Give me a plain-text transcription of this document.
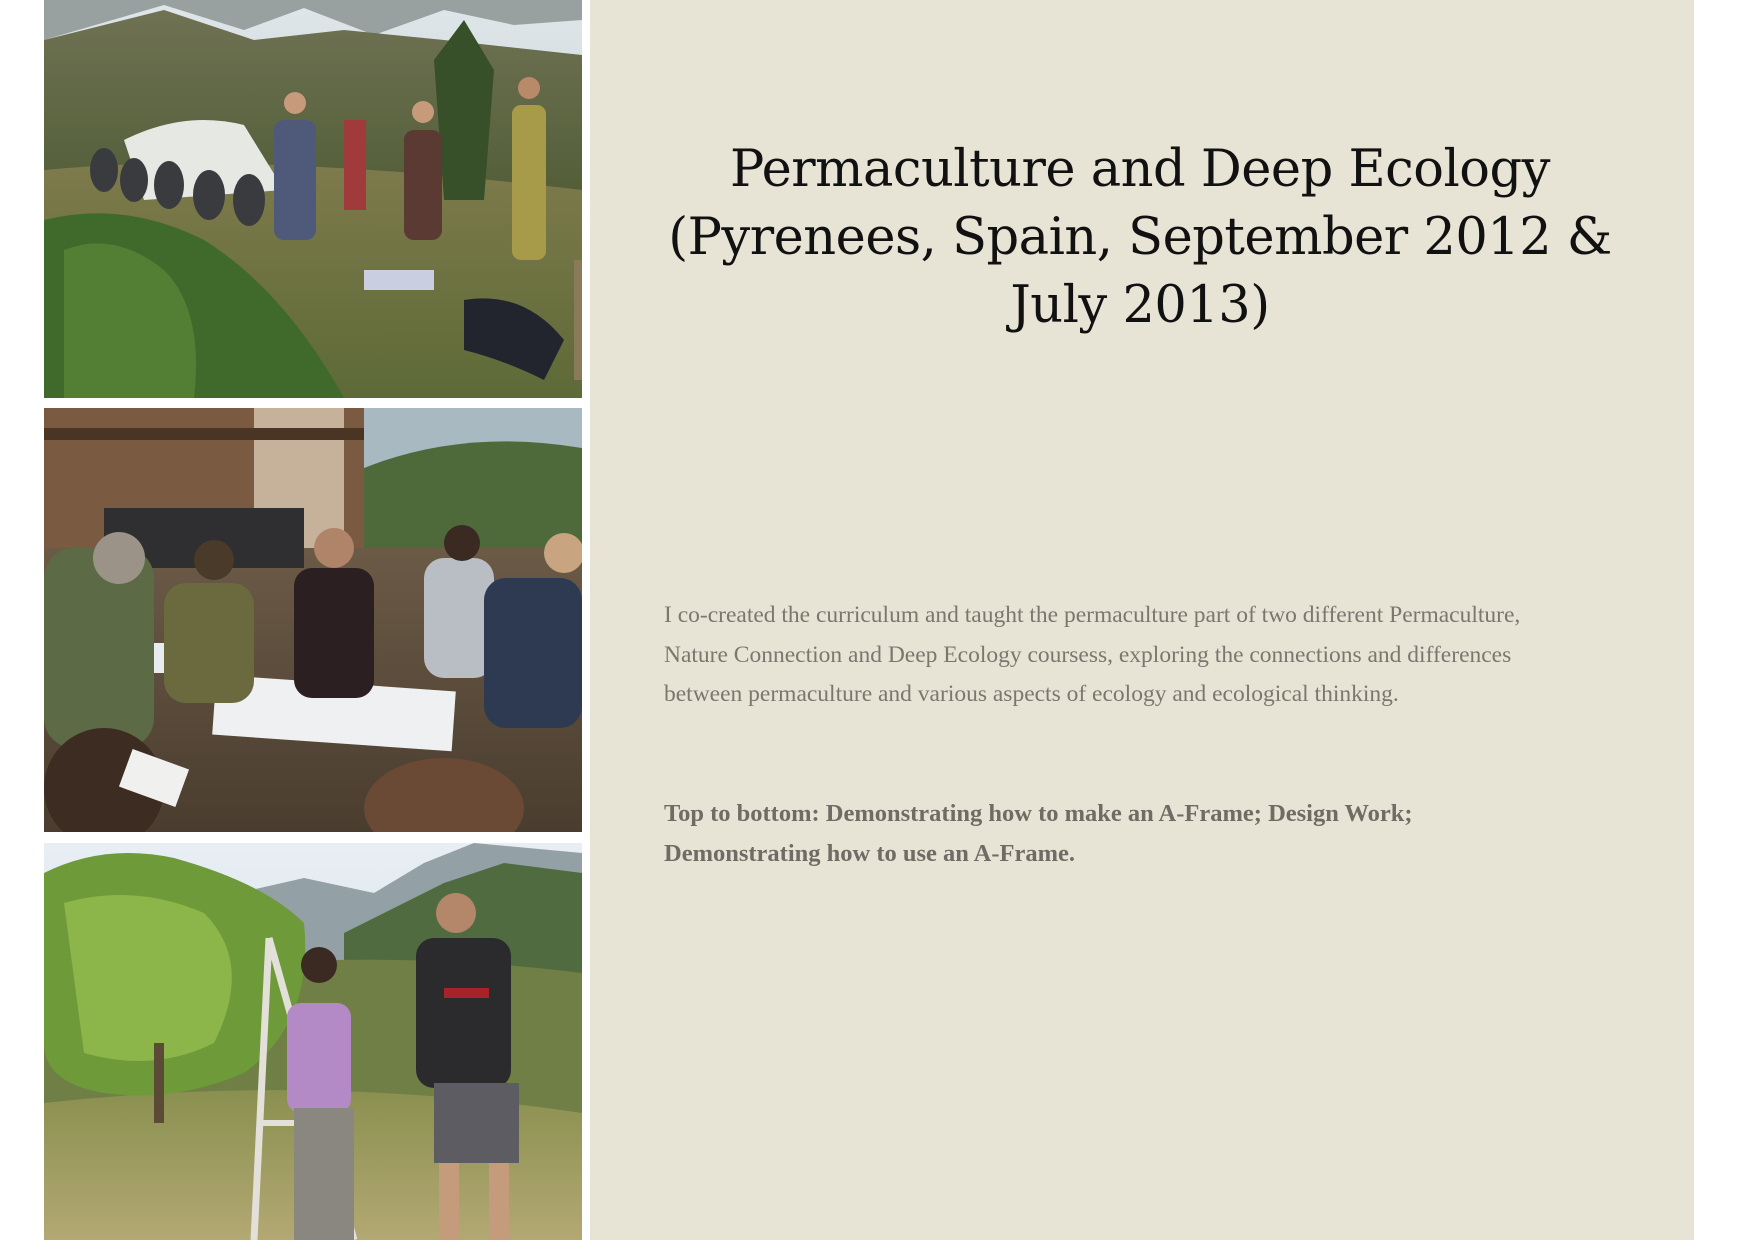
Permaculture and Deep Ecology (Pyrenees, Spain, September 2012 & July 2013)

I co-created the curriculum and taught the permaculture part of two different Permaculture, Nature Connection and Deep Ecology coursess, exploring the connections and differences between permaculture and various aspects of ecology and ecological thinking.

Top to bottom: Demonstrating how to make an A-Frame; Design Work; Demonstrating how to use an A-Frame.
